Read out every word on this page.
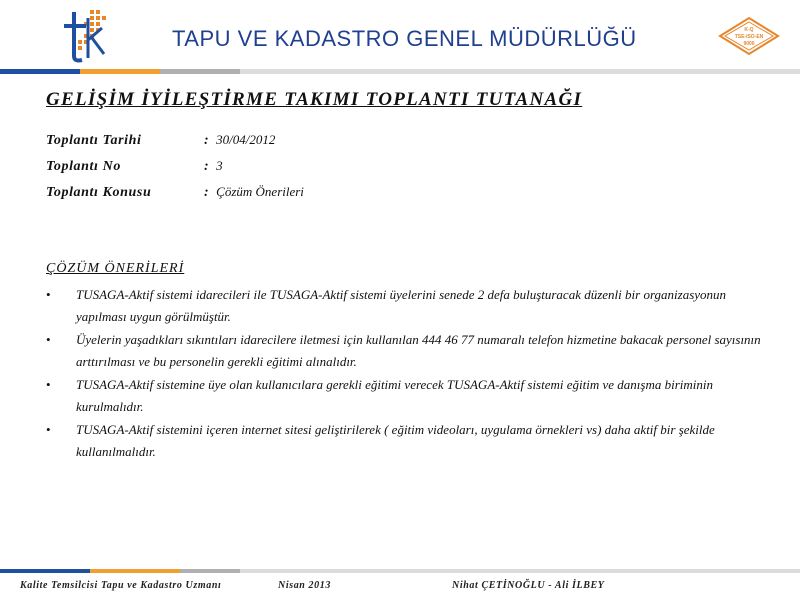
TAPU VE KADASTRO GENEL MÜDÜRLÜĞÜ	K-Q
TSE-ISO-EN
9000
GELİŞİM İYİLEŞTİRME TAKIMI TOPLANTI TUTANAĞI
Toplantı Tarihi	: 30/04/2012
Toplantı No	: 3
Toplantı Konusu	: Çözüm Önerileri
ÇÖZÜM ÖNERİLERİ
• TUSAGA-Aktif sistemi idarecileri ile TUSAGA-Aktif sistemi üyelerini senede 2 defa buluşturacak düzenli bir organizasyonun yapılması uygun görülmüştür.
• Üyelerin yaşadıkları sıkıntıları idarecilere iletmesi için kullanılan 444 46 77 numaralı telefon hizmetine bakacak personel sayısının arttırılması ve bu personelin gerekli eğitimi alınalıdır.
• TUSAGA-Aktif sistemine üye olan kullanıcılara gerekli eğitimi verecek TUSAGA-Aktif sistemi eğitim ve danışma biriminin kurulmalıdır.
• TUSAGA-Aktif sistemini içeren internet sitesi geliştirilerek ( eğitim videoları, uygulama örnekleri vs) daha aktif bir şekilde kullanılmalıdır.
Kalite Temsilcisi Tapu ve Kadastro Uzmanı	Nisan 2013	Nihat ÇETİNOĞLU - Ali İLBEY
